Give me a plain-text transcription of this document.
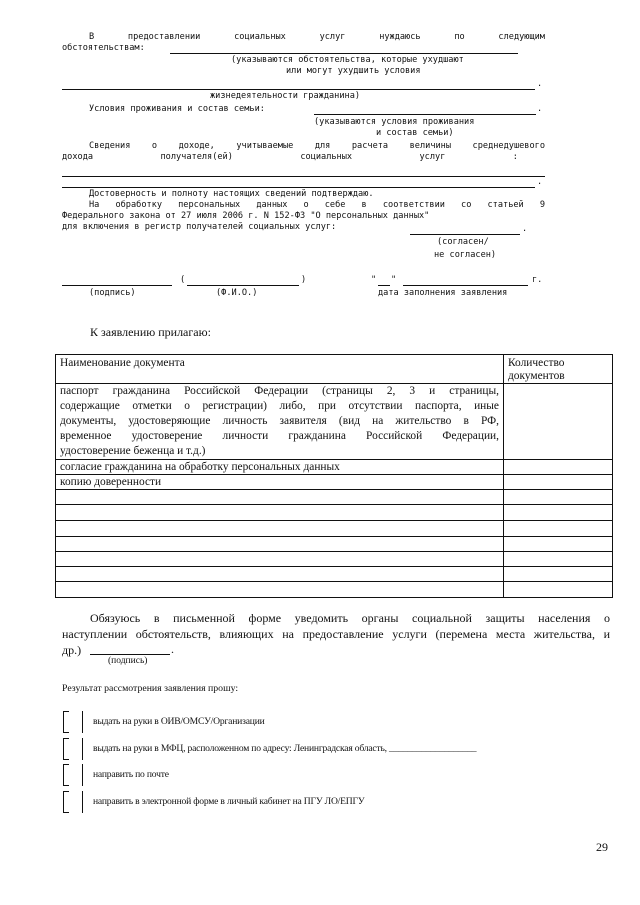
В предоставлении социальных услуг нуждаюсь по следующим
обстоятельствам:
(указываются обстоятельства, которые ухудшают
или могут ухудшить условия
.
жизнедеятельности гражданина)
Условия проживания и состав семьи:	.
(указываются условия проживания
и состав семьи)
Сведения о доходе, учитываемые для расчета величины среднедушевого
дохода получателя(ей) социальных услуг :
.
Достоверность и полноту настоящих сведений подтверждаю.
На обработку персональных данных о себе в соответствии со статьей 9
Федерального закона от 27 июля 2006 г. N 152-ФЗ "О персональных данных"
для включения в регистр получателей социальных услуг:	.
(согласен/
не согласен)
(	)	" "	г.
(подпись)	(Ф.И.О.)	дата заполнения заявления
К заявлению прилагаю:
Наименование документа	Количество
документов
паспорт гражданина Российской Федерации (страницы 2, 3 и страницы,
содержащие отметки о регистрации) либо, при отсутствии паспорта, иные
документы, удостоверяющие личность заявителя (вид на жительство в РФ,
временное удостоверение личности гражданина Российской Федерации,
удостоверение беженца и т.д.)
согласие гражданина на обработку персональных данных
копию доверенности
Обязуюсь в письменной форме уведомить органы социальной защиты населения о
наступлении обстоятельств, влияющих на предоставление услуги (перемена места жительства, и
др.)	.
(подпись)
Результат рассмотрения заявления прошу:
выдать на руки в ОИВ/ОМСУ/Организации
выдать на руки в МФЦ, расположенном по адресу: Ленинградская область, ___________________
направить по почте
направить в электронной форме в личный кабинет на ПГУ ЛО/ЕПГУ
29
